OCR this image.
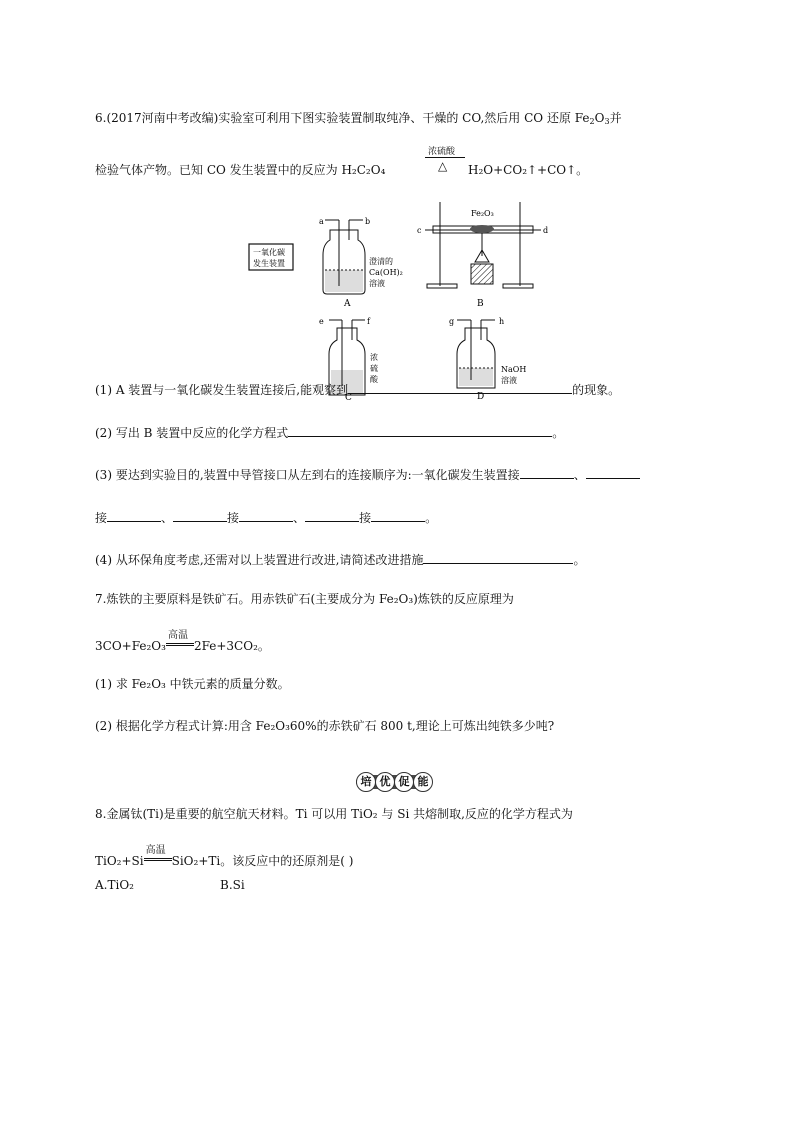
6.(2017河南中考改编)实验室可利用下图实验装置制取纯净、干燥的 CO,然后用 CO 还原 $Fe_2O_3$并
浓硫酸
检验气体产物。已知 CO 发生装置中的反应为 H₂C₂O₄	△ H₂O+CO₂↑+CO↑。
一氧化碳
发生装置
a	b
澄清的
Ca(OH)₂
溶液
A
Fe₂O₃
c	d
B
e	f
浓
硫
酸
C
g	h
NaOH
溶液
D
(1) A 装置与一氧化碳发生装置连接后,能观察到	的现象。
(2) 写出 B 装置中反应的化学方程式	。
(3) 要达到实验目的,装置中导管接口从左到右的连接顺序为:一氧化碳发生装置接	、
接	、	接	、	接	。
(4) 从环保角度考虑,还需对以上装置进行改进,请简述改进措施	。
7.炼铁的主要原料是铁矿石。用赤铁矿石(主要成分为 Fe₂O₃)炼铁的反应原理为
3CO+Fe₂O₃
高温
2Fe+3CO₂。
(1) 求 Fe₂O₃ 中铁元素的质量分数。
(2) 根据化学方程式计算:用含 Fe₂O₃60%的赤铁矿石 800 t,理论上可炼出纯铁多少吨?
培 优 促 能
8.金属钛(Ti)是重要的航空航天材料。Ti 可以用 TiO₂ 与 Si 共熔制取,反应的化学方程式为
TiO₂+Si
高温
SiO₂+Ti。该反应中的还原剂是( )
A.TiO₂	B.Si
